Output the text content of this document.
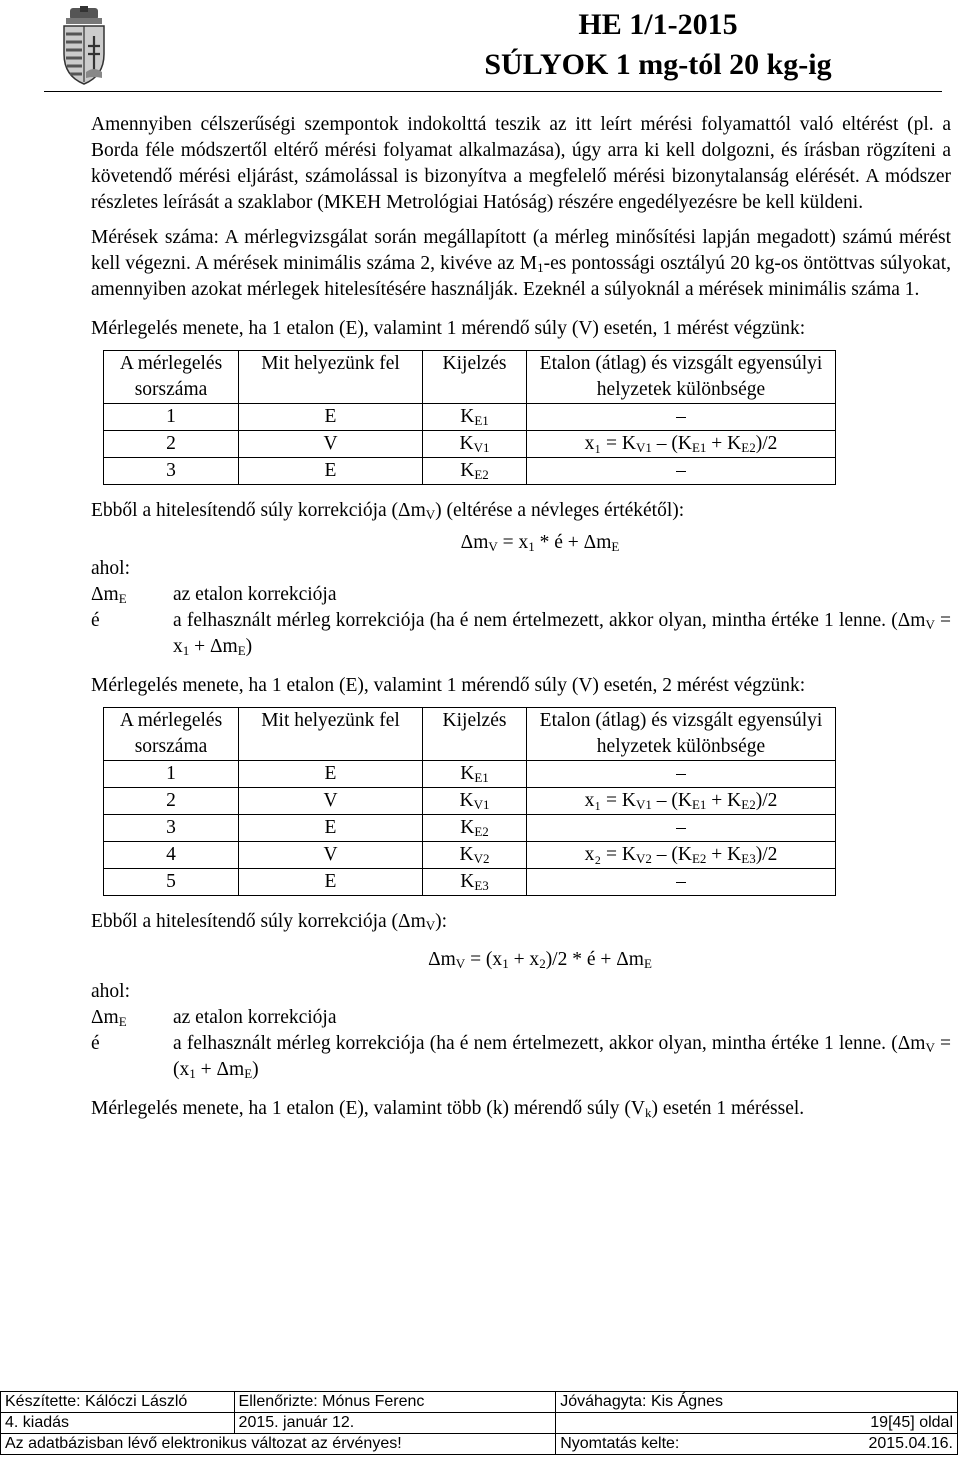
HE 1/1-2015
SÚLYOK 1 mg-tól 20 kg-ig

Amennyiben célszerűségi szempontok indokolttá teszik az itt leírt mérési folyamattól való eltérést (pl. a Borda féle módszertől eltérő mérési folyamat alkalmazása), úgy arra ki kell dolgozni, és írásban rögzíteni a követendő mérési eljárást, számolással is bizonyítva a megfelelő mérési bizonytalanság elérését. A módszer részletes leírását a szaklabor (MKEH Metrológiai Hatóság) részére engedélyezésre be kell küldeni.

Mérések száma: A mérlegvizsgálat során megállapított (a mérleg minősítési lapján megadott) számú mérést kell végezni. A mérések minimális száma 2, kivéve az $M_1-es$ pontossági osztályú 20 kg-os öntöttvas súlyokat, amennyiben azokat mérlegek hitelesítésére használják. Ezeknél a súlyoknál a mérések minimális száma 1.

Mérlegelés menete, ha 1 etalon (E), valamint 1 mérendő súly (V) esetén, 1 mérést végzünk:

A mérlegelés sorszáma	Mit helyezünk fel	Kijelzés	Etalon (átlag) és vizsgált egyensúlyi helyzetek különbsége
1	E	$K_{E1}$	–
2	V	$K_{V1}$	$x_1 = K_{V1} - (K_{E1} + K_{E2})/2$
3	E	$K_{E2}$	–

Ebből a hitelesítendő súly korrekciója $(\Delta m_V)$ (eltérése a névleges értékétől):

$\Delta m_V = x_1$ * é + $\Delta m_E$

ahol:

$\Delta m_E$	az etalon korrekciója
é	a felhasznált mérleg korrekciója (ha é nem értelmezett, akkor olyan, mintha értéke 1 lenne. $(\Delta m_V = x_1 + \Delta m_E)$

Mérlegelés menete, ha 1 etalon (E), valamint 1 mérendő súly (V) esetén, 2 mérést végzünk:

A mérlegelés sorszáma	Mit helyezünk fel	Kijelzés	Etalon (átlag) és vizsgált egyensúlyi helyzetek különbsége
1	E	$K_{E1}$	–
2	V	$K_{V1}$	$x_1 = K_{V1} - (K_{E1} + K_{E2})/2$
3	E	$K_{E2}$	–
4	V	$K_{V2}$	$x_2 = K_{V2} - (K_{E2} + K_{E3})/2$
5	E	$K_{E3}$	–

Ebből a hitelesítendő súly korrekciója $(\Delta m_V)$:

$\Delta m_V = (x_1 + x_2)/2$ * é + $\Delta m_E$

ahol:

$\Delta m_E$	az etalon korrekciója
é	a felhasznált mérleg korrekciója (ha é nem értelmezett, akkor olyan, mintha értéke 1 lenne. ($\Delta m_V = (x_1 + \Delta m_E)$

Mérlegelés menete, ha 1 etalon (E), valamint több (k) mérendő súly $(V_k)$ esetén 1 méréssel.

Készítette: Kálóczi László	Ellenőrizte: Mónus Ferenc	Jóváhagyta: Kis Ágnes
4. kiadás	2015. január 12.	19[45] oldal
Az adatbázisban lévő elektronikus változat az érvényes!		Nyomtatás kelte: 2015.04.16.
